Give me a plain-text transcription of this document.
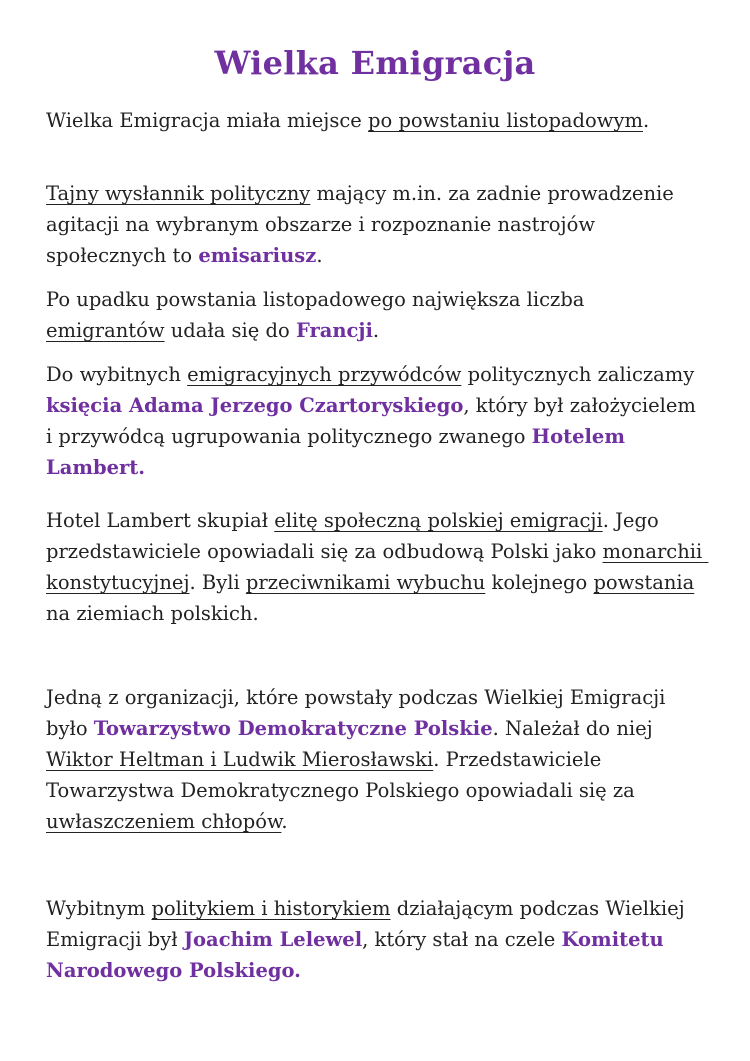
Wielka Emigracja

Wielka Emigracja miała miejsce po powstaniu listopadowym.

Tajny wysłannik polityczny mający m.in. za zadnie prowadzenie agitacji na wybranym obszarze i rozpoznanie nastrojów społecznych to emisariusz.

Po upadku powstania listopadowego największa liczba emigrantów udała się do Francji.

Do wybitnych emigracyjnych przywódców politycznych zaliczamy księcia Adama Jerzego Czartoryskiego, który był założycielem i przywódcą ugrupowania politycznego zwanego Hotelem Lambert.

Hotel Lambert skupiał elitę społeczną polskiej emigracji. Jego przedstawiciele opowiadali się za odbudową Polski jako monarchii konstytucyjnej. Byli przeciwnikami wybuchu kolejnego powstania na ziemiach polskich.

Jedną z organizacji, które powstały podczas Wielkiej Emigracji było Towarzystwo Demokratyczne Polskie. Należał do niej Wiktor Heltman i Ludwik Mierosławski. Przedstawiciele Towarzystwa Demokratycznego Polskiego opowiadali się za uwłaszczeniem chłopów.

Wybitnym politykiem i historykiem działającym podczas Wielkiej Emigracji był Joachim Lelewel, który stał na czele Komitetu Narodowego Polskiego.
